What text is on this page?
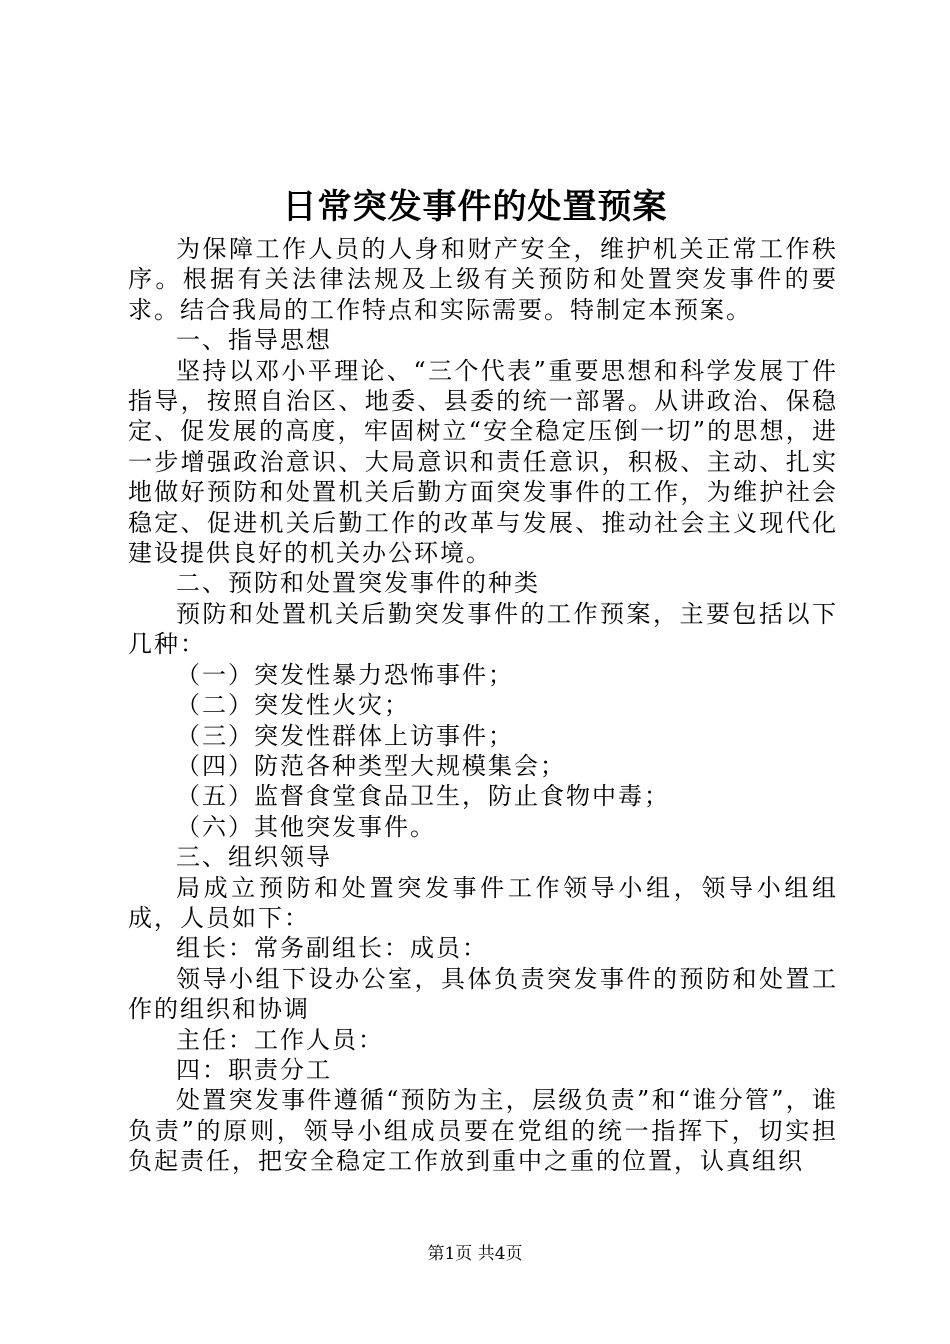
日常突发事件的处置预案

为保障工作人员的人身和财产安全，维护机关正常工作秩序。根据有关法律法规及上级有关预防和处置突发事件的要求。结合我局的工作特点和实际需要。特制定本预案。

一、指导思想

坚持以邓小平理论、“三个代表”重要思想和科学发展丁件指导，按照自治区、地委、县委的统一部署。从讲政治、保稳定、促发展的高度，牢固树立“安全稳定压倒一切”的思想，进一步增强政治意识、大局意识和责任意识，积极、主动、扎实地做好预防和处置机关后勤方面突发事件的工作，为维护社会稳定、促进机关后勤工作的改革与发展、推动社会主义现代化建设提供良好的机关办公环境。

二、预防和处置突发事件的种类

预防和处置机关后勤突发事件的工作预案，主要包括以下几种：

（一）突发性暴力恐怖事件；

（二）突发性火灾；

（三）突发性群体上访事件；

（四）防范各种类型大规模集会；

（五）监督食堂食品卫生，防止食物中毒；

（六）其他突发事件。

三、组织领导

局成立预防和处置突发事件工作领导小组，领导小组组成，人员如下：

组长：常务副组长：成员：

领导小组下设办公室，具体负责突发事件的预防和处置工作的组织和协调

主任：工作人员：

四：职责分工

处置突发事件遵循“预防为主，层级负责”和“谁分管”，谁负责”的原则，领导小组成员要在党组的统一指挥下，切实担负起责任，把安全稳定工作放到重中之重的位置，认真组织

第1页 共4页
